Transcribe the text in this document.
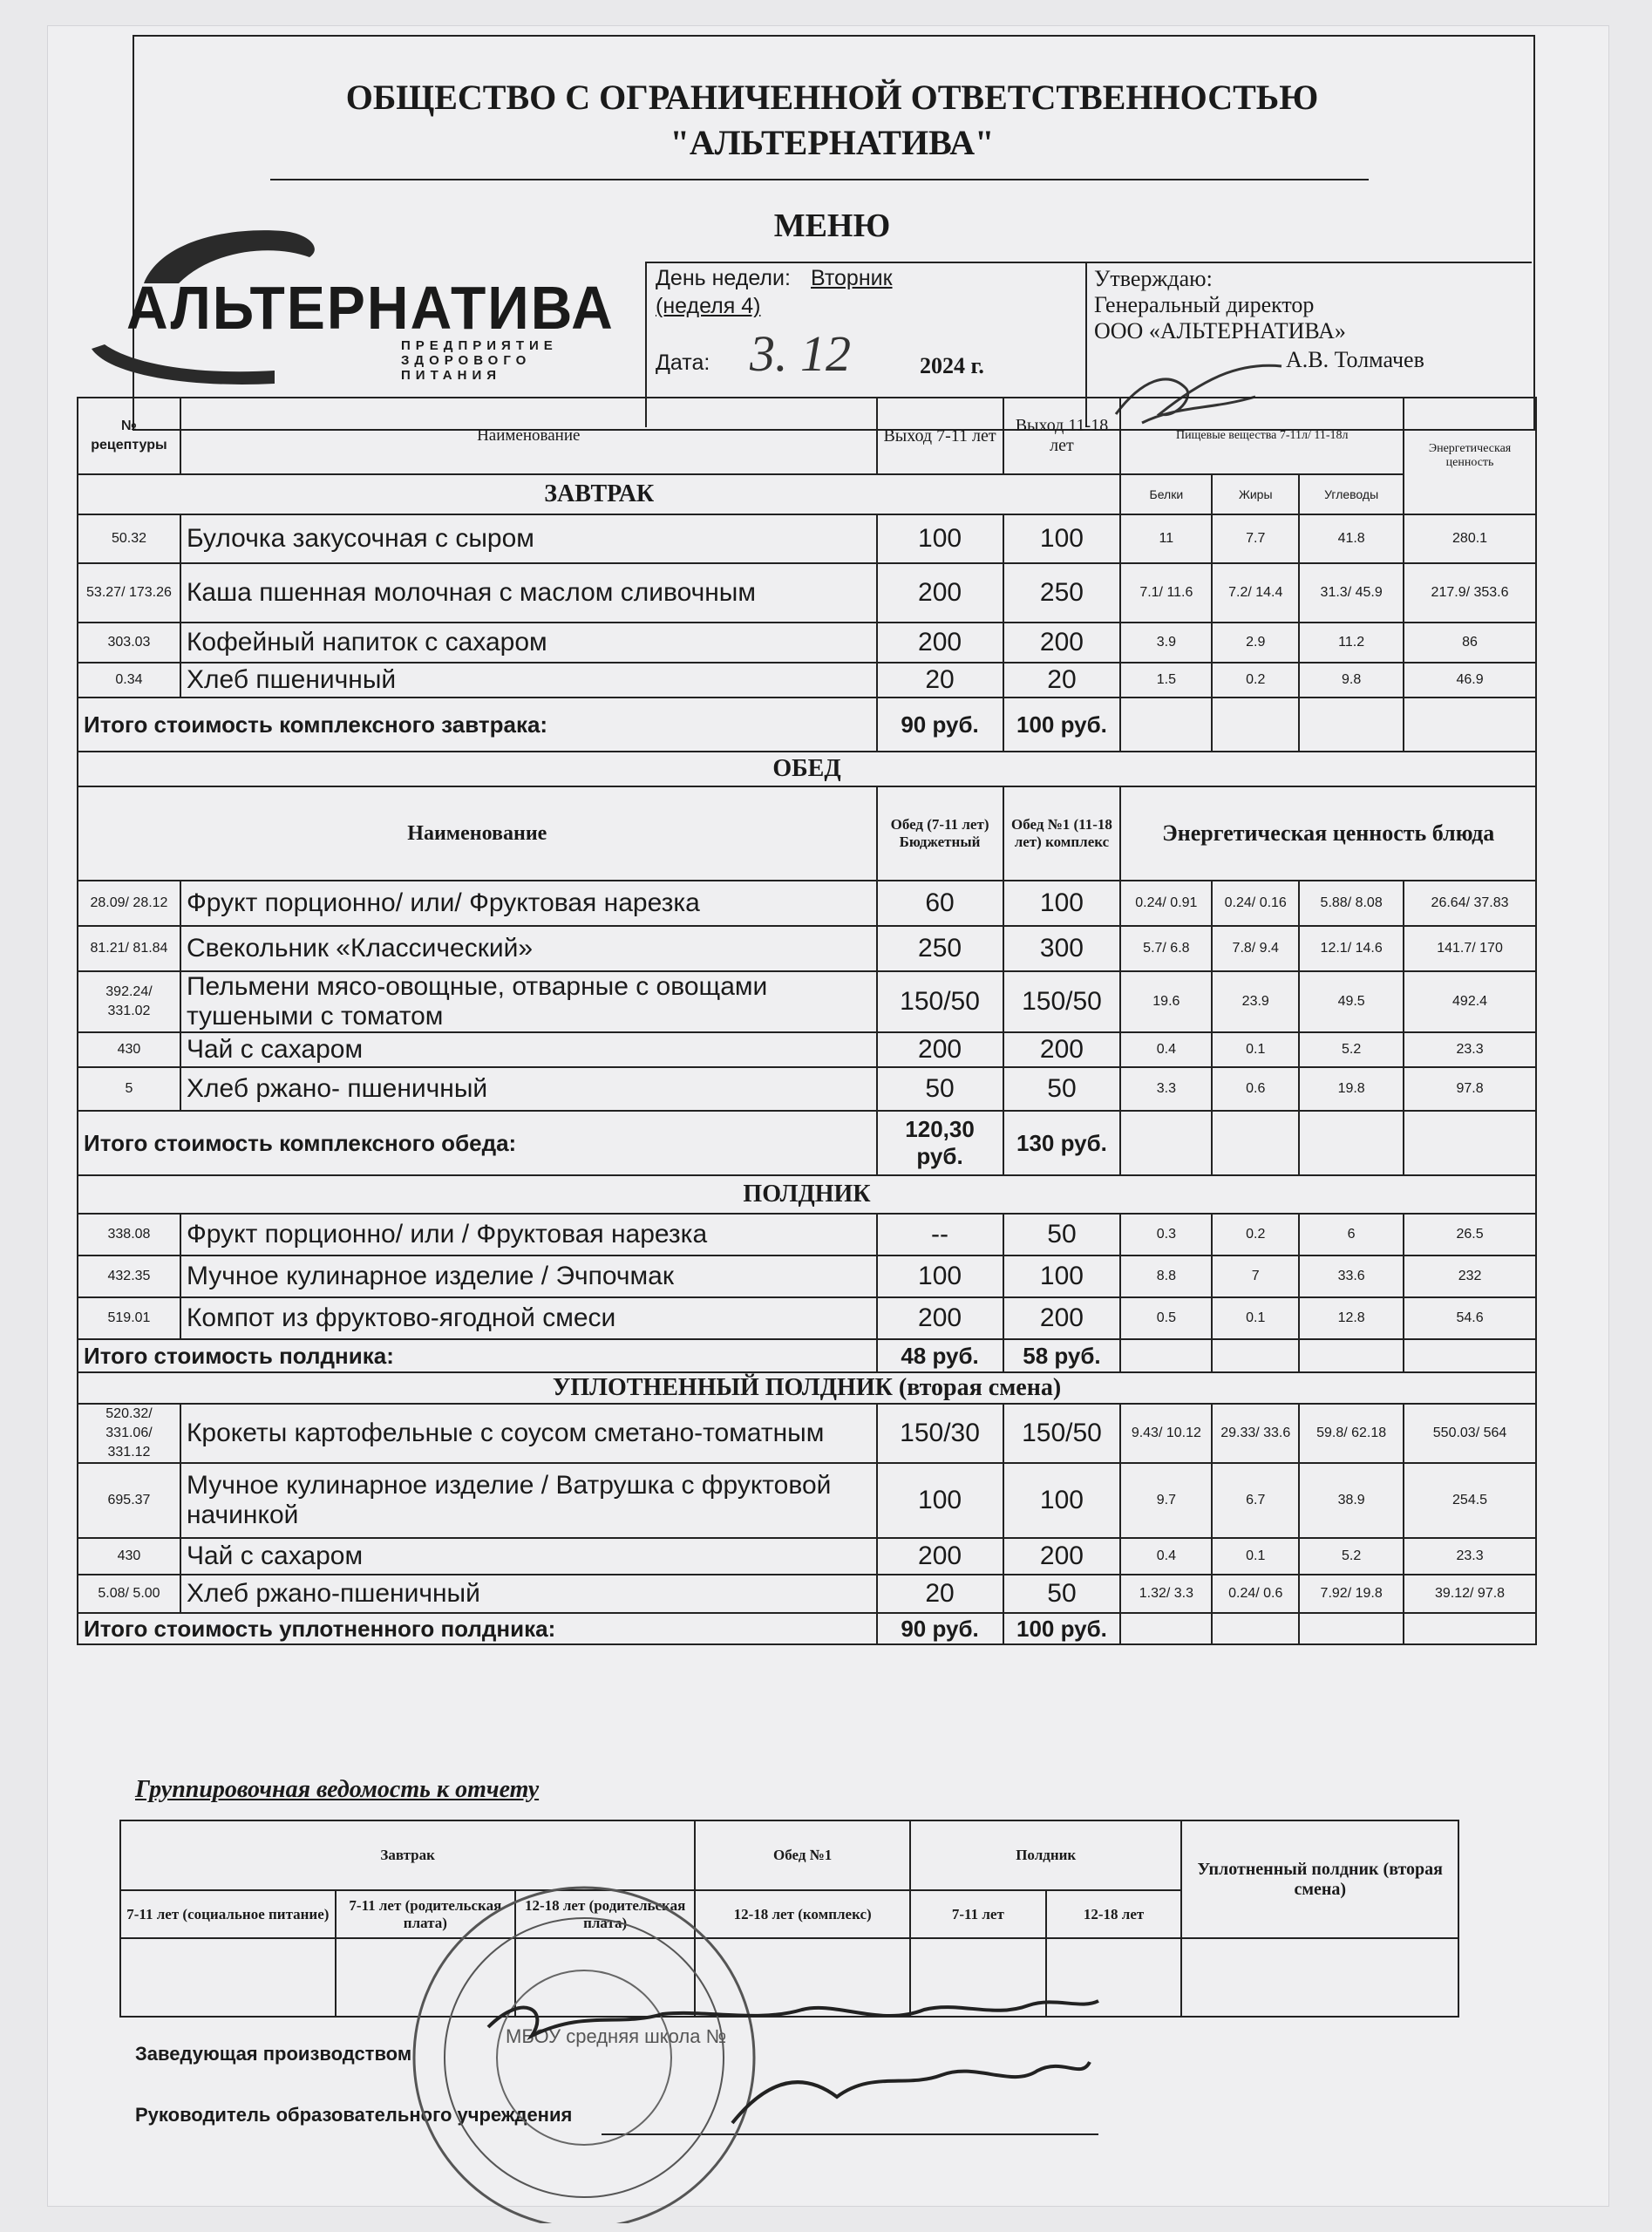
ОБЩЕСТВО С ОГРАНИЧЕННОЙ ОТВЕТСТВЕННОСТЬЮ
"АЛЬТЕРНАТИВА"
МЕНЮ
АЛЬТЕРНАТИВА
ПРЕДПРИЯТИЕ
ЗДОРОВОГО
ПИТАНИЯ
День недели: Вторник
(неделя 4)
Дата: 3. 12	2024 г.
Утверждаю:
Генеральный директор
ООО «АЛЬТЕРНАТИВА»
А.В. Толмачев
№ рецептуры	Наименование	Выход 7-11 лет	Выход 11-18 лет	Пищевые вещества 7-11л/ 11-18л			Энергетическая ценность
ЗАВТРАК				Белки	Жиры	Углеводы	
50.32	Булочка закусочная с сыром	100	100	11	7.7	41.8	280.1
53.27/ 173.26	Каша пшенная молочная с маслом сливочным	200	250	7.1/ 11.6	7.2/ 14.4	31.3/ 45.9	217.9/ 353.6
303.03	Кофейный напиток с сахаром	200	200	3.9	2.9	11.2	86
0.34	Хлеб пшеничный	20	20	1.5	0.2	9.8	46.9
Итого стоимость комплексного завтрака:		90 руб.	100 руб.				
ОБЕД							
Наименование		Обед (7-11 лет) Бюджетный	Обед №1 (11-18 лет) комплекс	Энергетическая ценность блюда			
28.09/ 28.12	Фрукт порционно/ или/ Фруктовая нарезка	60	100	0.24/ 0.91	0.24/ 0.16	5.88/ 8.08	26.64/ 37.83
81.21/ 81.84	Свекольник «Классический»	250	300	5.7/ 6.8	7.8/ 9.4	12.1/ 14.6	141.7/ 170
392.24/ 331.02	Пельмени мясо-овощные, отварные с овощами тушеными с томатом	150/50	150/50	19.6	23.9	49.5	492.4
430	Чай с сахаром	200	200	0.4	0.1	5.2	23.3
5	Хлеб ржано- пшеничный	50	50	3.3	0.6	19.8	97.8
Итого стоимость комплексного обеда:		120,30 руб.	130 руб.				
ПОЛДНИК							
338.08	Фрукт порционно/ или / Фруктовая нарезка	--	50	0.3	0.2	6	26.5
432.35	Мучное кулинарное изделие / Эчпочмак	100	100	8.8	7	33.6	232
519.01	Компот из фруктово-ягодной смеси	200	200	0.5	0.1	12.8	54.6
Итого стоимость полдника:		48 руб.	58 руб.				
УПЛОТНЕННЫЙ ПОЛДНИК (вторая смена)							
520.32/ 331.06/ 331.12	Крокеты картофельные с соусом сметано-томатным	150/30	150/50	9.43/ 10.12	29.33/ 33.6	59.8/ 62.18	550.03/ 564
695.37	Мучное кулинарное изделие / Ватрушка с фруктовой начинкой	100	100	9.7	6.7	38.9	254.5
430	Чай с сахаром	200	200	0.4	0.1	5.2	23.3
5.08/ 5.00	Хлеб ржано-пшеничный	20	50	1.32/ 3.3	0.24/ 0.6	7.92/ 19.8	39.12/ 97.8
Итого стоимость уплотненного полдника:		90 руб.	100 руб.				
Группировочная ведомость к отчету
Завтрак			Обед №1	Полдник		Уплотненный полдник (вторая смена)
7-11 лет (социальное питание)	7-11 лет (родительская плата)	12-18 лет (родительская плата)	12-18 лет (комплекс)	7-11 лет	12-18 лет	

Заведующая производством
МБОУ средняя школа №
Руководитель образовательного учреждения
